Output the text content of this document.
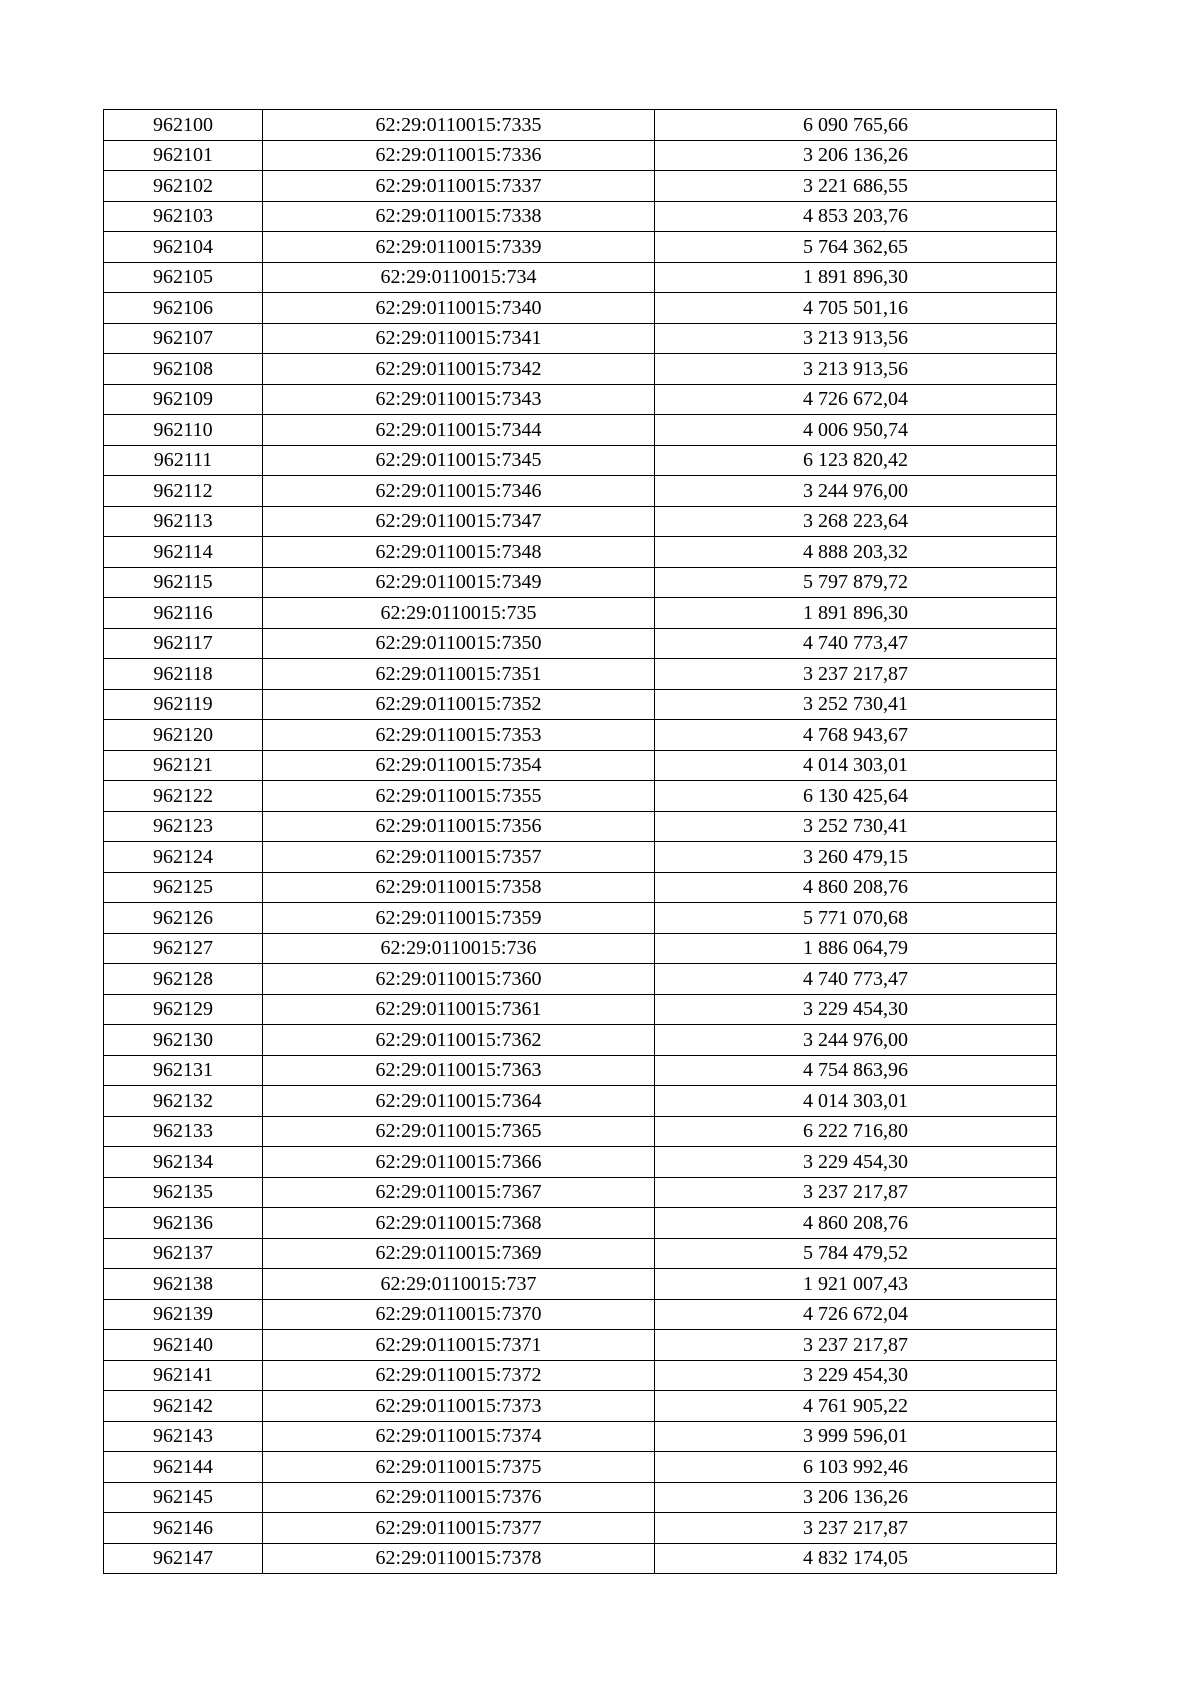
962100	62:29:0110015:7335	6 090 765,66
962101	62:29:0110015:7336	3 206 136,26
962102	62:29:0110015:7337	3 221 686,55
962103	62:29:0110015:7338	4 853 203,76
962104	62:29:0110015:7339	5 764 362,65
962105	62:29:0110015:734	1 891 896,30
962106	62:29:0110015:7340	4 705 501,16
962107	62:29:0110015:7341	3 213 913,56
962108	62:29:0110015:7342	3 213 913,56
962109	62:29:0110015:7343	4 726 672,04
962110	62:29:0110015:7344	4 006 950,74
962111	62:29:0110015:7345	6 123 820,42
962112	62:29:0110015:7346	3 244 976,00
962113	62:29:0110015:7347	3 268 223,64
962114	62:29:0110015:7348	4 888 203,32
962115	62:29:0110015:7349	5 797 879,72
962116	62:29:0110015:735	1 891 896,30
962117	62:29:0110015:7350	4 740 773,47
962118	62:29:0110015:7351	3 237 217,87
962119	62:29:0110015:7352	3 252 730,41
962120	62:29:0110015:7353	4 768 943,67
962121	62:29:0110015:7354	4 014 303,01
962122	62:29:0110015:7355	6 130 425,64
962123	62:29:0110015:7356	3 252 730,41
962124	62:29:0110015:7357	3 260 479,15
962125	62:29:0110015:7358	4 860 208,76
962126	62:29:0110015:7359	5 771 070,68
962127	62:29:0110015:736	1 886 064,79
962128	62:29:0110015:7360	4 740 773,47
962129	62:29:0110015:7361	3 229 454,30
962130	62:29:0110015:7362	3 244 976,00
962131	62:29:0110015:7363	4 754 863,96
962132	62:29:0110015:7364	4 014 303,01
962133	62:29:0110015:7365	6 222 716,80
962134	62:29:0110015:7366	3 229 454,30
962135	62:29:0110015:7367	3 237 217,87
962136	62:29:0110015:7368	4 860 208,76
962137	62:29:0110015:7369	5 784 479,52
962138	62:29:0110015:737	1 921 007,43
962139	62:29:0110015:7370	4 726 672,04
962140	62:29:0110015:7371	3 237 217,87
962141	62:29:0110015:7372	3 229 454,30
962142	62:29:0110015:7373	4 761 905,22
962143	62:29:0110015:7374	3 999 596,01
962144	62:29:0110015:7375	6 103 992,46
962145	62:29:0110015:7376	3 206 136,26
962146	62:29:0110015:7377	3 237 217,87
962147	62:29:0110015:7378	4 832 174,05
